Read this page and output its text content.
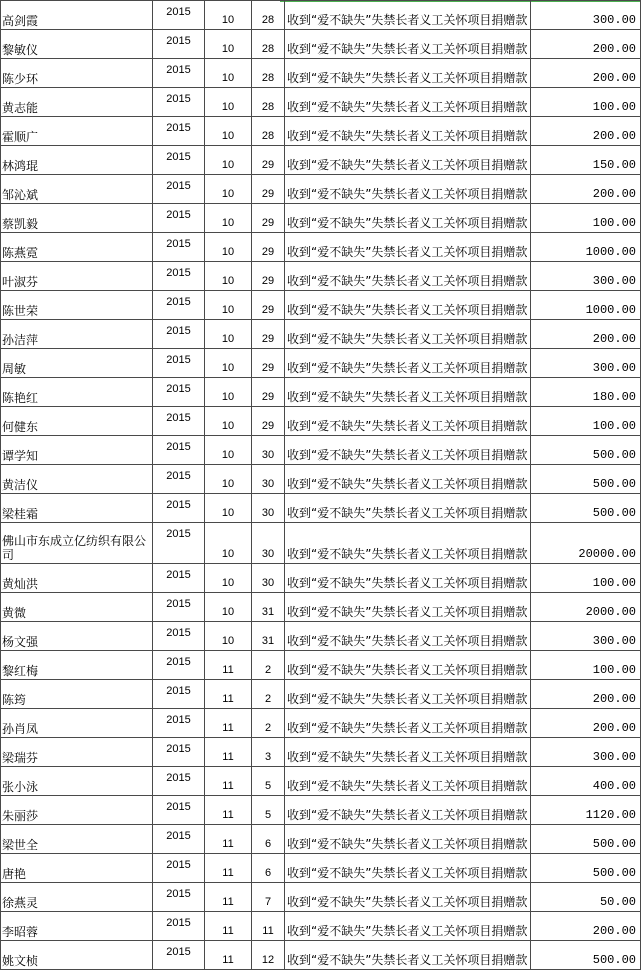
高剑霞	2015	10	28	收到“爱不缺失”失禁长者义工关怀项目捐赠款	300.00
黎敏仪	2015	10	28	收到“爱不缺失”失禁长者义工关怀项目捐赠款	200.00
陈少环	2015	10	28	收到“爱不缺失”失禁长者义工关怀项目捐赠款	200.00
黄志能	2015	10	28	收到“爱不缺失”失禁长者义工关怀项目捐赠款	100.00
霍顺广	2015	10	28	收到“爱不缺失”失禁长者义工关怀项目捐赠款	200.00
林鸿琨	2015	10	29	收到“爱不缺失”失禁长者义工关怀项目捐赠款	150.00
邹沁斌	2015	10	29	收到“爱不缺失”失禁长者义工关怀项目捐赠款	200.00
蔡凯毅	2015	10	29	收到“爱不缺失”失禁长者义工关怀项目捐赠款	100.00
陈燕霓	2015	10	29	收到“爱不缺失”失禁长者义工关怀项目捐赠款	1000.00
叶淑芬	2015	10	29	收到“爱不缺失”失禁长者义工关怀项目捐赠款	300.00
陈世荣	2015	10	29	收到“爱不缺失”失禁长者义工关怀项目捐赠款	1000.00
孙洁萍	2015	10	29	收到“爱不缺失”失禁长者义工关怀项目捐赠款	200.00
周敏	2015	10	29	收到“爱不缺失”失禁长者义工关怀项目捐赠款	300.00
陈艳红	2015	10	29	收到“爱不缺失”失禁长者义工关怀项目捐赠款	180.00
何健东	2015	10	29	收到“爱不缺失”失禁长者义工关怀项目捐赠款	100.00
谭学知	2015	10	30	收到“爱不缺失”失禁长者义工关怀项目捐赠款	500.00
黄洁仪	2015	10	30	收到“爱不缺失”失禁长者义工关怀项目捐赠款	500.00
梁桂霜	2015	10	30	收到“爱不缺失”失禁长者义工关怀项目捐赠款	500.00
佛山市东成立亿纺织有限公司	2015	10	30	收到“爱不缺失”失禁长者义工关怀项目捐赠款	20000.00
黄灿洪	2015	10	30	收到“爱不缺失”失禁长者义工关怀项目捐赠款	100.00
黄微	2015	10	31	收到“爱不缺失”失禁长者义工关怀项目捐赠款	2000.00
杨文强	2015	10	31	收到“爱不缺失”失禁长者义工关怀项目捐赠款	300.00
黎红梅	2015	11	2	收到“爱不缺失”失禁长者义工关怀项目捐赠款	100.00
陈筠	2015	11	2	收到“爱不缺失”失禁长者义工关怀项目捐赠款	200.00
孙肖凤	2015	11	2	收到“爱不缺失”失禁长者义工关怀项目捐赠款	200.00
梁瑞芬	2015	11	3	收到“爱不缺失”失禁长者义工关怀项目捐赠款	300.00
张小泳	2015	11	5	收到“爱不缺失”失禁长者义工关怀项目捐赠款	400.00
朱丽莎	2015	11	5	收到“爱不缺失”失禁长者义工关怀项目捐赠款	1120.00
梁世全	2015	11	6	收到“爱不缺失”失禁长者义工关怀项目捐赠款	500.00
唐艳	2015	11	6	收到“爱不缺失”失禁长者义工关怀项目捐赠款	500.00
徐燕灵	2015	11	7	收到“爱不缺失”失禁长者义工关怀项目捐赠款	50.00
李昭蓉	2015	11	11	收到“爱不缺失”失禁长者义工关怀项目捐赠款	200.00
姚文桢	2015	11	12	收到“爱不缺失”失禁长者义工关怀项目捐赠款	500.00
